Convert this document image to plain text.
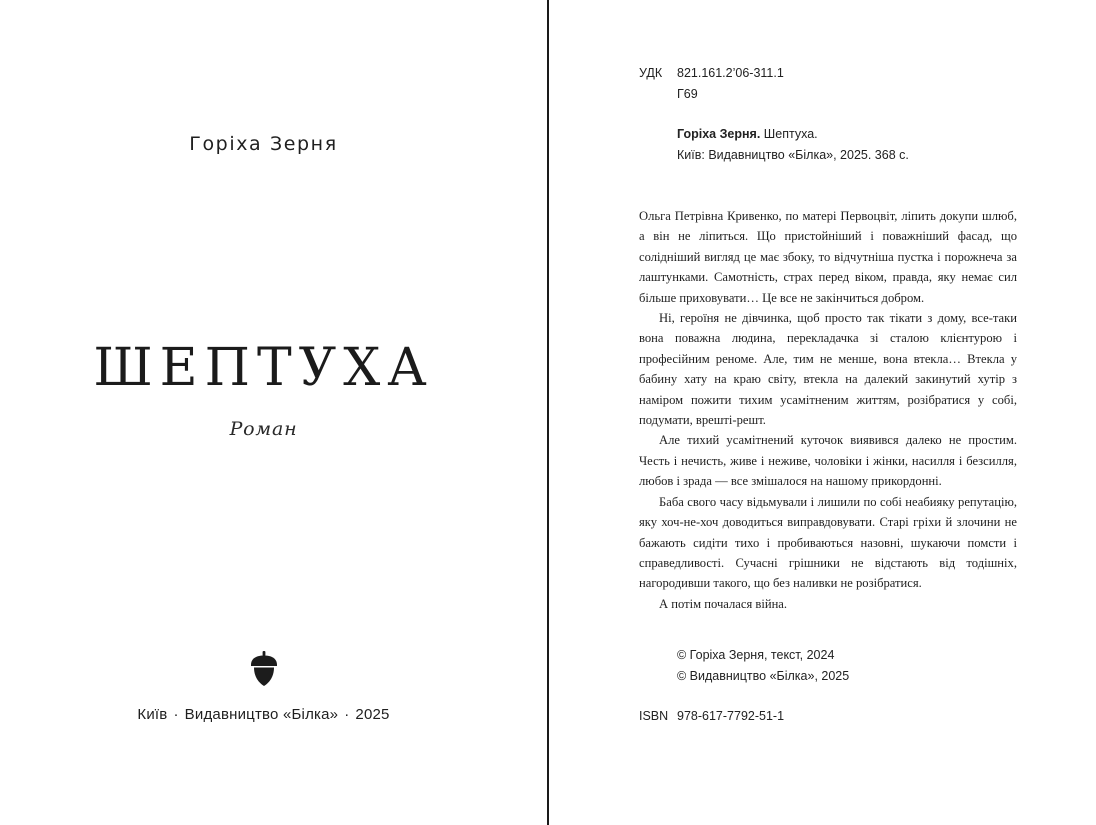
Горіха Зерня
ШЕПТУХА
Роман
Київ · Видавництво «Білка» · 2025
УДК 821.161.2’06-311.1
Г69
Горіха Зерня. Шептуха.
Київ: Видавництво «Білка», 2025. 368 с.

Ольга Петрівна Кривенко, по матері Первоцвіт, ліпить докупи шлюб, а він не ліпиться. Що пристойніший і поважніший фасад, що солідніший вигляд це має збоку, то відчутніша пустка і порожнеча за лаштунками. Самотність, страх перед віком, правда, яку немає сил більше приховувати… Це все не закінчиться добром.

Ні, героїня не дівчинка, щоб просто так тікати з дому, все-таки вона поважна людина, перекладачка зі сталою клієнтурою і професійним реноме. Але, тим не менше, вона втекла… Втекла у бабину хату на краю світу, втекла на далекий закинутий хутір з наміром пожити тихим усамітненим життям, розібратися у собі, подумати, врешті-решт.

Але тихий усамітнений куточок виявився далеко не простим. Честь і нечисть, живе і неживе, чоловіки і жінки, насилля і безсилля, любов і зрада — все змішалося на нашому прикордонні.

Баба свого часу відьмували і лишили по собі неабияку репутацію, яку хоч-не-хоч доводиться виправдовувати. Старі гріхи й злочини не бажають сидіти тихо і пробиваються назовні, шукаючи помсти і справедливості. Сучасні грішники не відстають від тодішніх, нагородивши такого, що без наливки не розібратися.

А потім почалася війна.

© Горіха Зерня, текст, 2024
© Видавництво «Білка», 2025
ISBN 978-617-7792-51-1
